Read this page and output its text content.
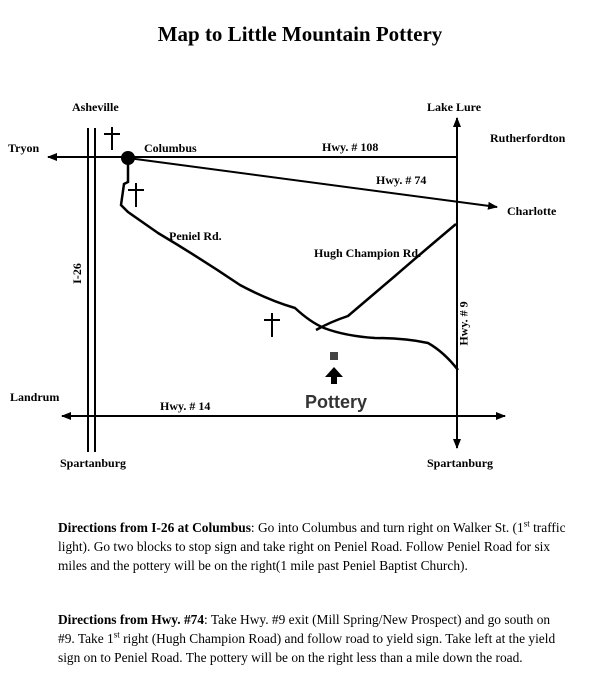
Map to Little Mountain Pottery
Asheville	Lake Lure
Tryon	Columbus	Hwy. # 108
Rutherfordton
Hwy. # 74
Charlotte
Peniel Rd.
Hugh Champion Rd.
I-26
Hwy. # 9
Landrum
Hwy. # 14	Pottery
Spartanburg	Spartanburg
Directions from I-26 at Columbus: Go into Columbus and turn right on Walker St. (1st traffic light). Go two blocks to stop sign and take right on Peniel Road. Follow Peniel Road for six miles and the pottery will be on the right(1 mile past Peniel Baptist Church).
Directions from Hwy. #74: Take Hwy. #9 exit (Mill Spring/New Prospect) and go south on #9. Take 1st right (Hugh Champion Road) and follow road to yield sign. Take left at the yield sign on to Peniel Road. The pottery will be on the right less than a mile down the road.
